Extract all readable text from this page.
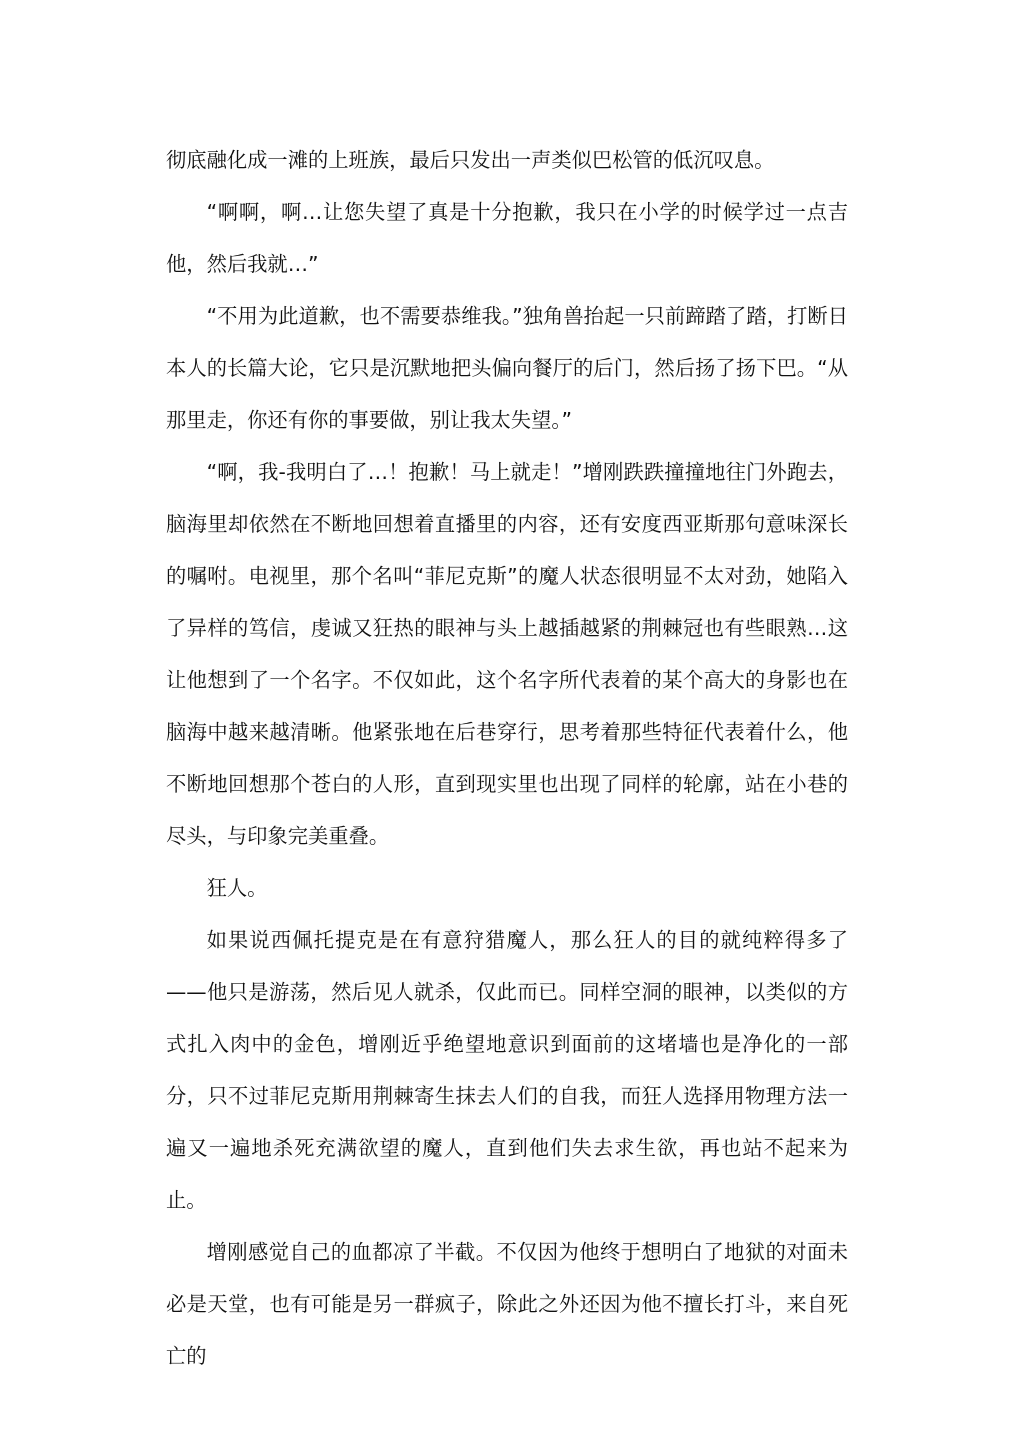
彻底融化成一滩的上班族，最后只发出一声类似巴松管的低沉叹息。

“啊啊，啊…让您失望了真是十分抱歉，我只在小学的时候学过一点吉他，然后我就…”

“不用为此道歉，也不需要恭维我。”独角兽抬起一只前蹄踏了踏，打断日本人的长篇大论，它只是沉默地把头偏向餐厅的后门，然后扬了扬下巴。“从那里走，你还有你的事要做，别让我太失望。”

“啊，我-我明白了…！抱歉！马上就走！”增刚跌跌撞撞地往门外跑去，脑海里却依然在不断地回想着直播里的内容，还有安度西亚斯那句意味深长的嘱咐。电视里，那个名叫“菲尼克斯”的魔人状态很明显不太对劲，她陷入了异样的笃信，虔诚又狂热的眼神与头上越插越紧的荆棘冠也有些眼熟…这让他想到了一个名字。不仅如此，这个名字所代表着的某个高大的身影也在脑海中越来越清晰。他紧张地在后巷穿行，思考着那些特征代表着什么，他不断地回想那个苍白的人形，直到现实里也出现了同样的轮廓，站在小巷的尽头，与印象完美重叠。

狂人。

如果说西佩托提克是在有意狩猎魔人，那么狂人的目的就纯粹得多了——他只是游荡，然后见人就杀，仅此而已。同样空洞的眼神，以类似的方式扎入肉中的金色，增刚近乎绝望地意识到面前的这堵墙也是净化的一部分，只不过菲尼克斯用荆棘寄生抹去人们的自我，而狂人选择用物理方法一遍又一遍地杀死充满欲望的魔人，直到他们失去求生欲，再也站不起来为止。

增刚感觉自己的血都凉了半截。不仅因为他终于想明白了地狱的对面未必是天堂，也有可能是另一群疯子，除此之外还因为他不擅长打斗，来自死亡的
